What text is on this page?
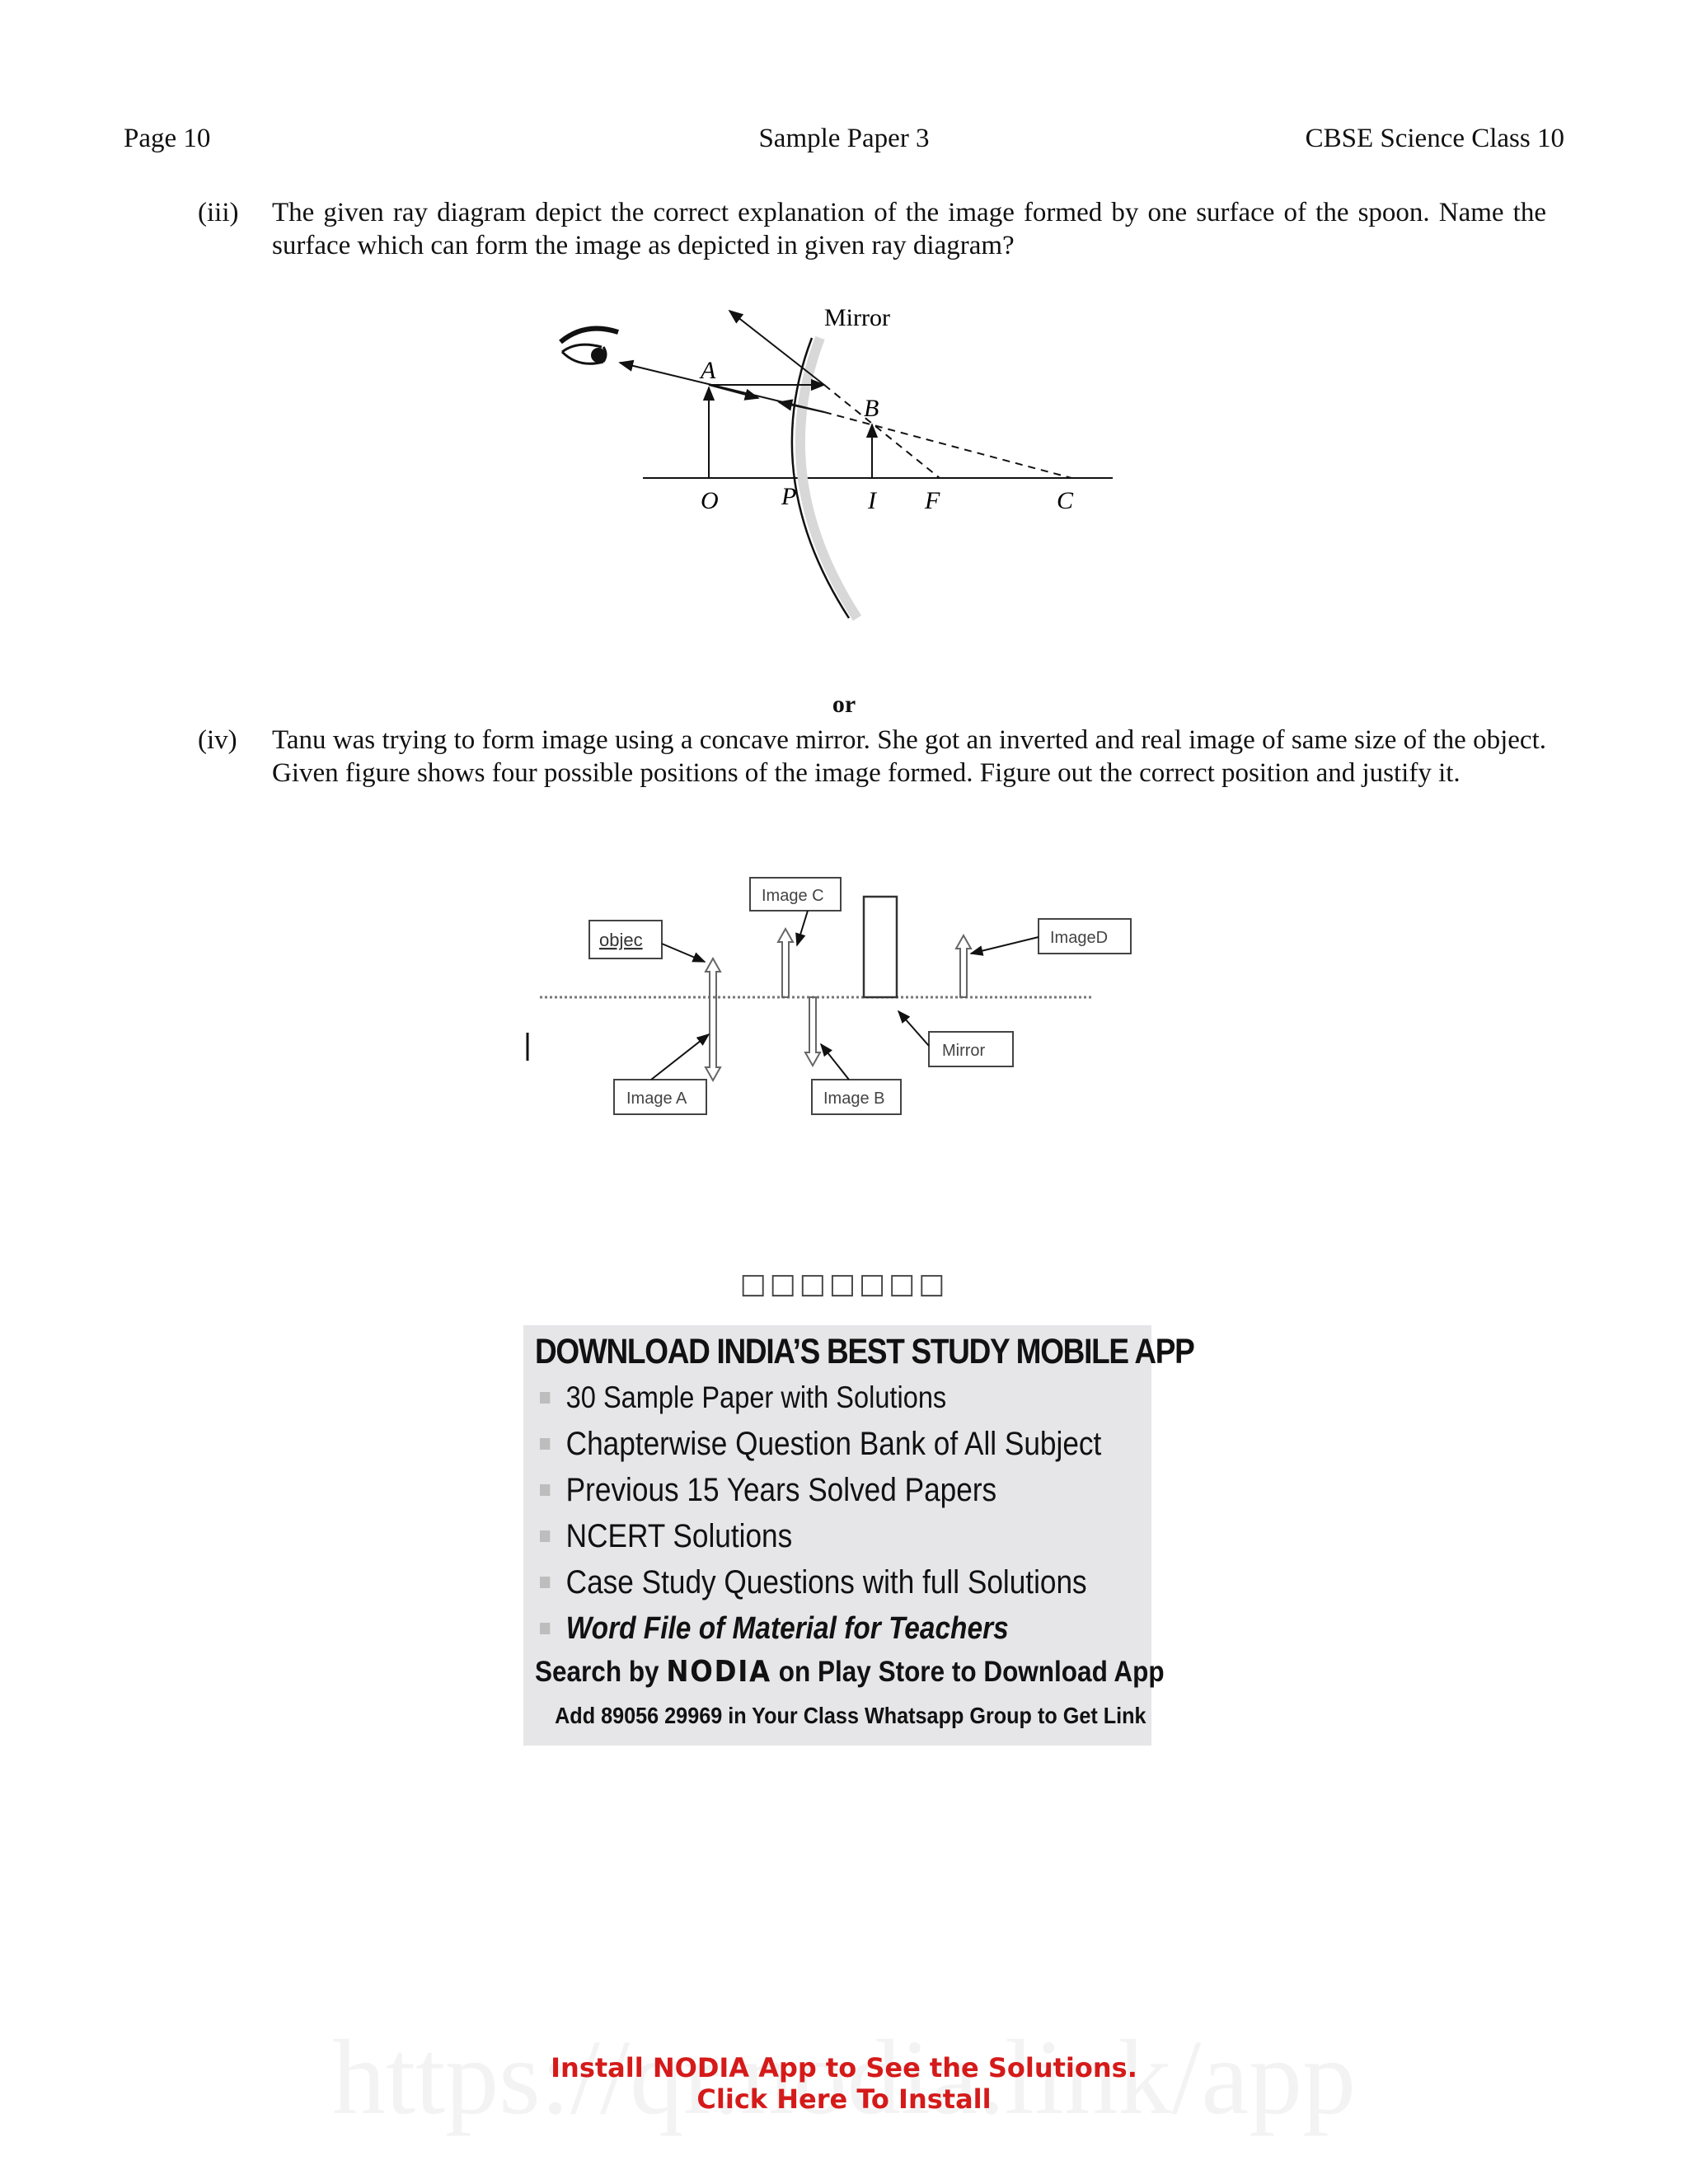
Page 10	Sample Paper 3	CBSE Science Class 10
(iii) The given ray diagram depict the correct explanation of the image formed by one surface of the spoon. Name the surface which can form the image as depicted in given ray diagram?
Mirror
A
B
O	P	I F	C
or
(iv) Tanu was trying to form image using a concave mirror. She got an inverted and real image of same size of the object. Given figure shows four possible positions of the image formed. Figure out the correct position and justify it.
objec
Image C
ImageD
Mirror
Image A	Image B
□□□□□□□
DOWNLOAD INDIA’S BEST STUDY MOBILE APP
30 Sample Paper with Solutions
Chapterwise Question Bank of All Subject
Previous 15 Years Solved Papers
NCERT Solutions
Case Study Questions with full Solutions
Word File of Material for Teachers
Search by NODIA on Play Store to Download App
Add 89056 29969 in Your Class Whatsapp Group to Get Link
Install NODIA App to See the Solutions.
Click Here To Install
